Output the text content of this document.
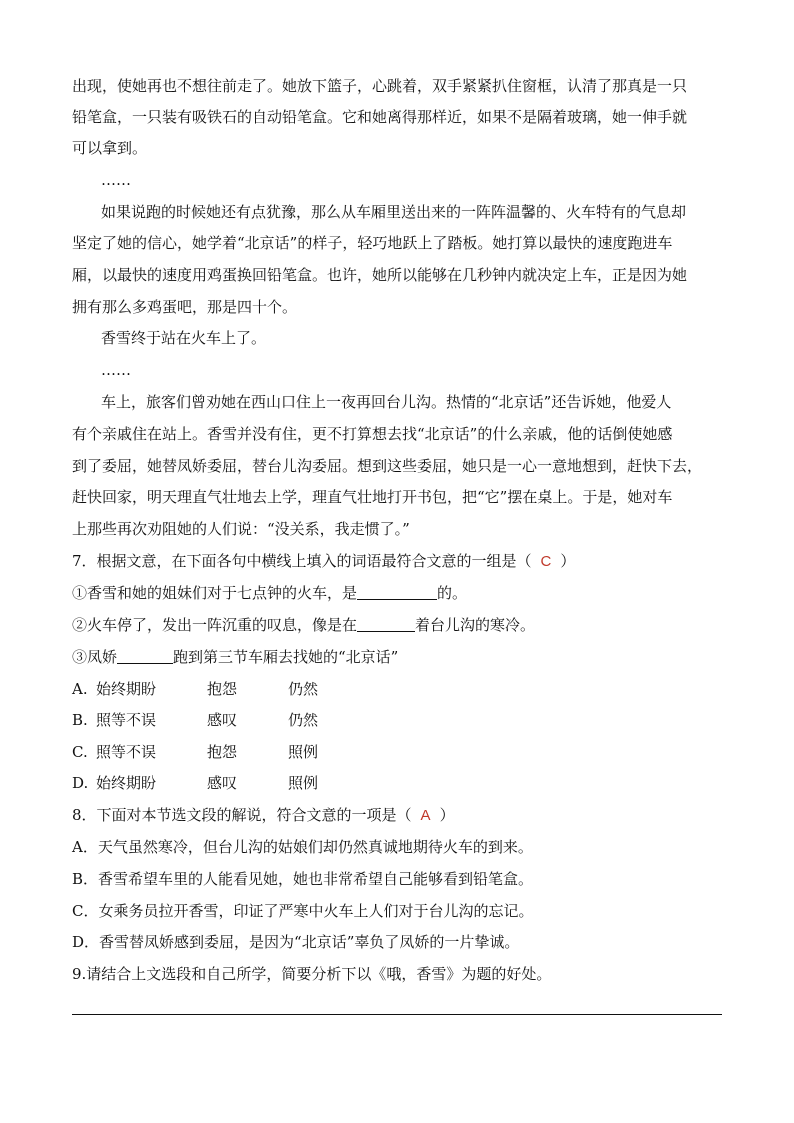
出现，使她再也不想往前走了。她放下篮子，心跳着，双手紧紧扒住窗框，认清了那真是一只
铅笔盒，一只装有吸铁石的自动铅笔盒。它和她离得那样近，如果不是隔着玻璃，她一伸手就
可以拿到。
……
如果说跑的时候她还有点犹豫，那么从车厢里送出来的一阵阵温馨的、火车特有的气息却
坚定了她的信心，她学着“北京话”的样子，轻巧地跃上了踏板。她打算以最快的速度跑进车
厢，以最快的速度用鸡蛋换回铅笔盒。也许，她所以能够在几秒钟内就决定上车，正是因为她
拥有那么多鸡蛋吧，那是四十个。
香雪终于站在火车上了。
……
车上，旅客们曾劝她在西山口住上一夜再回台儿沟。热情的“北京话”还告诉她，他爱人
有个亲戚住在站上。香雪并没有住，更不打算想去找“北京话”的什么亲戚，他的话倒使她感
到了委屈，她替凤娇委屈，替台儿沟委屈。想到这些委屈，她只是一心一意地想到，赶快下去，
赶快回家，明天理直气壮地去上学，理直气壮地打开书包，把“它”摆在桌上。于是，她对车
上那些再次劝阻她的人们说：“没关系，我走惯了。”
7．根据文意，在下面各句中横线上填入的词语最符合文意的一组是（ C ）
①香雪和她的姐妹们对于七点钟的火车，是	的。
②火车停了，发出一阵沉重的叹息，像是在	着台儿沟的寒冷。
③凤娇	跑到第三节车厢去找她的“北京话”
A. 始终期盼	抱怨	仍然
B. 照等不误	感叹	仍然
C. 照等不误	抱怨	照例
D. 始终期盼	感叹	照例
8．下面对本节选文段的解说，符合文意的一项是（ A ）
A．天气虽然寒冷，但台儿沟的姑娘们却仍然真诚地期待火车的到来。
B．香雪希望车里的人能看见她，她也非常希望自己能够看到铅笔盒。
C．女乘务员拉开香雪，印证了严寒中火车上人们对于台儿沟的忘记。
D．香雪替凤娇感到委屈，是因为“北京话”辜负了凤娇的一片挚诚。
9.请结合上文选段和自己所学，简要分析下以《哦，香雪》为题的好处。
